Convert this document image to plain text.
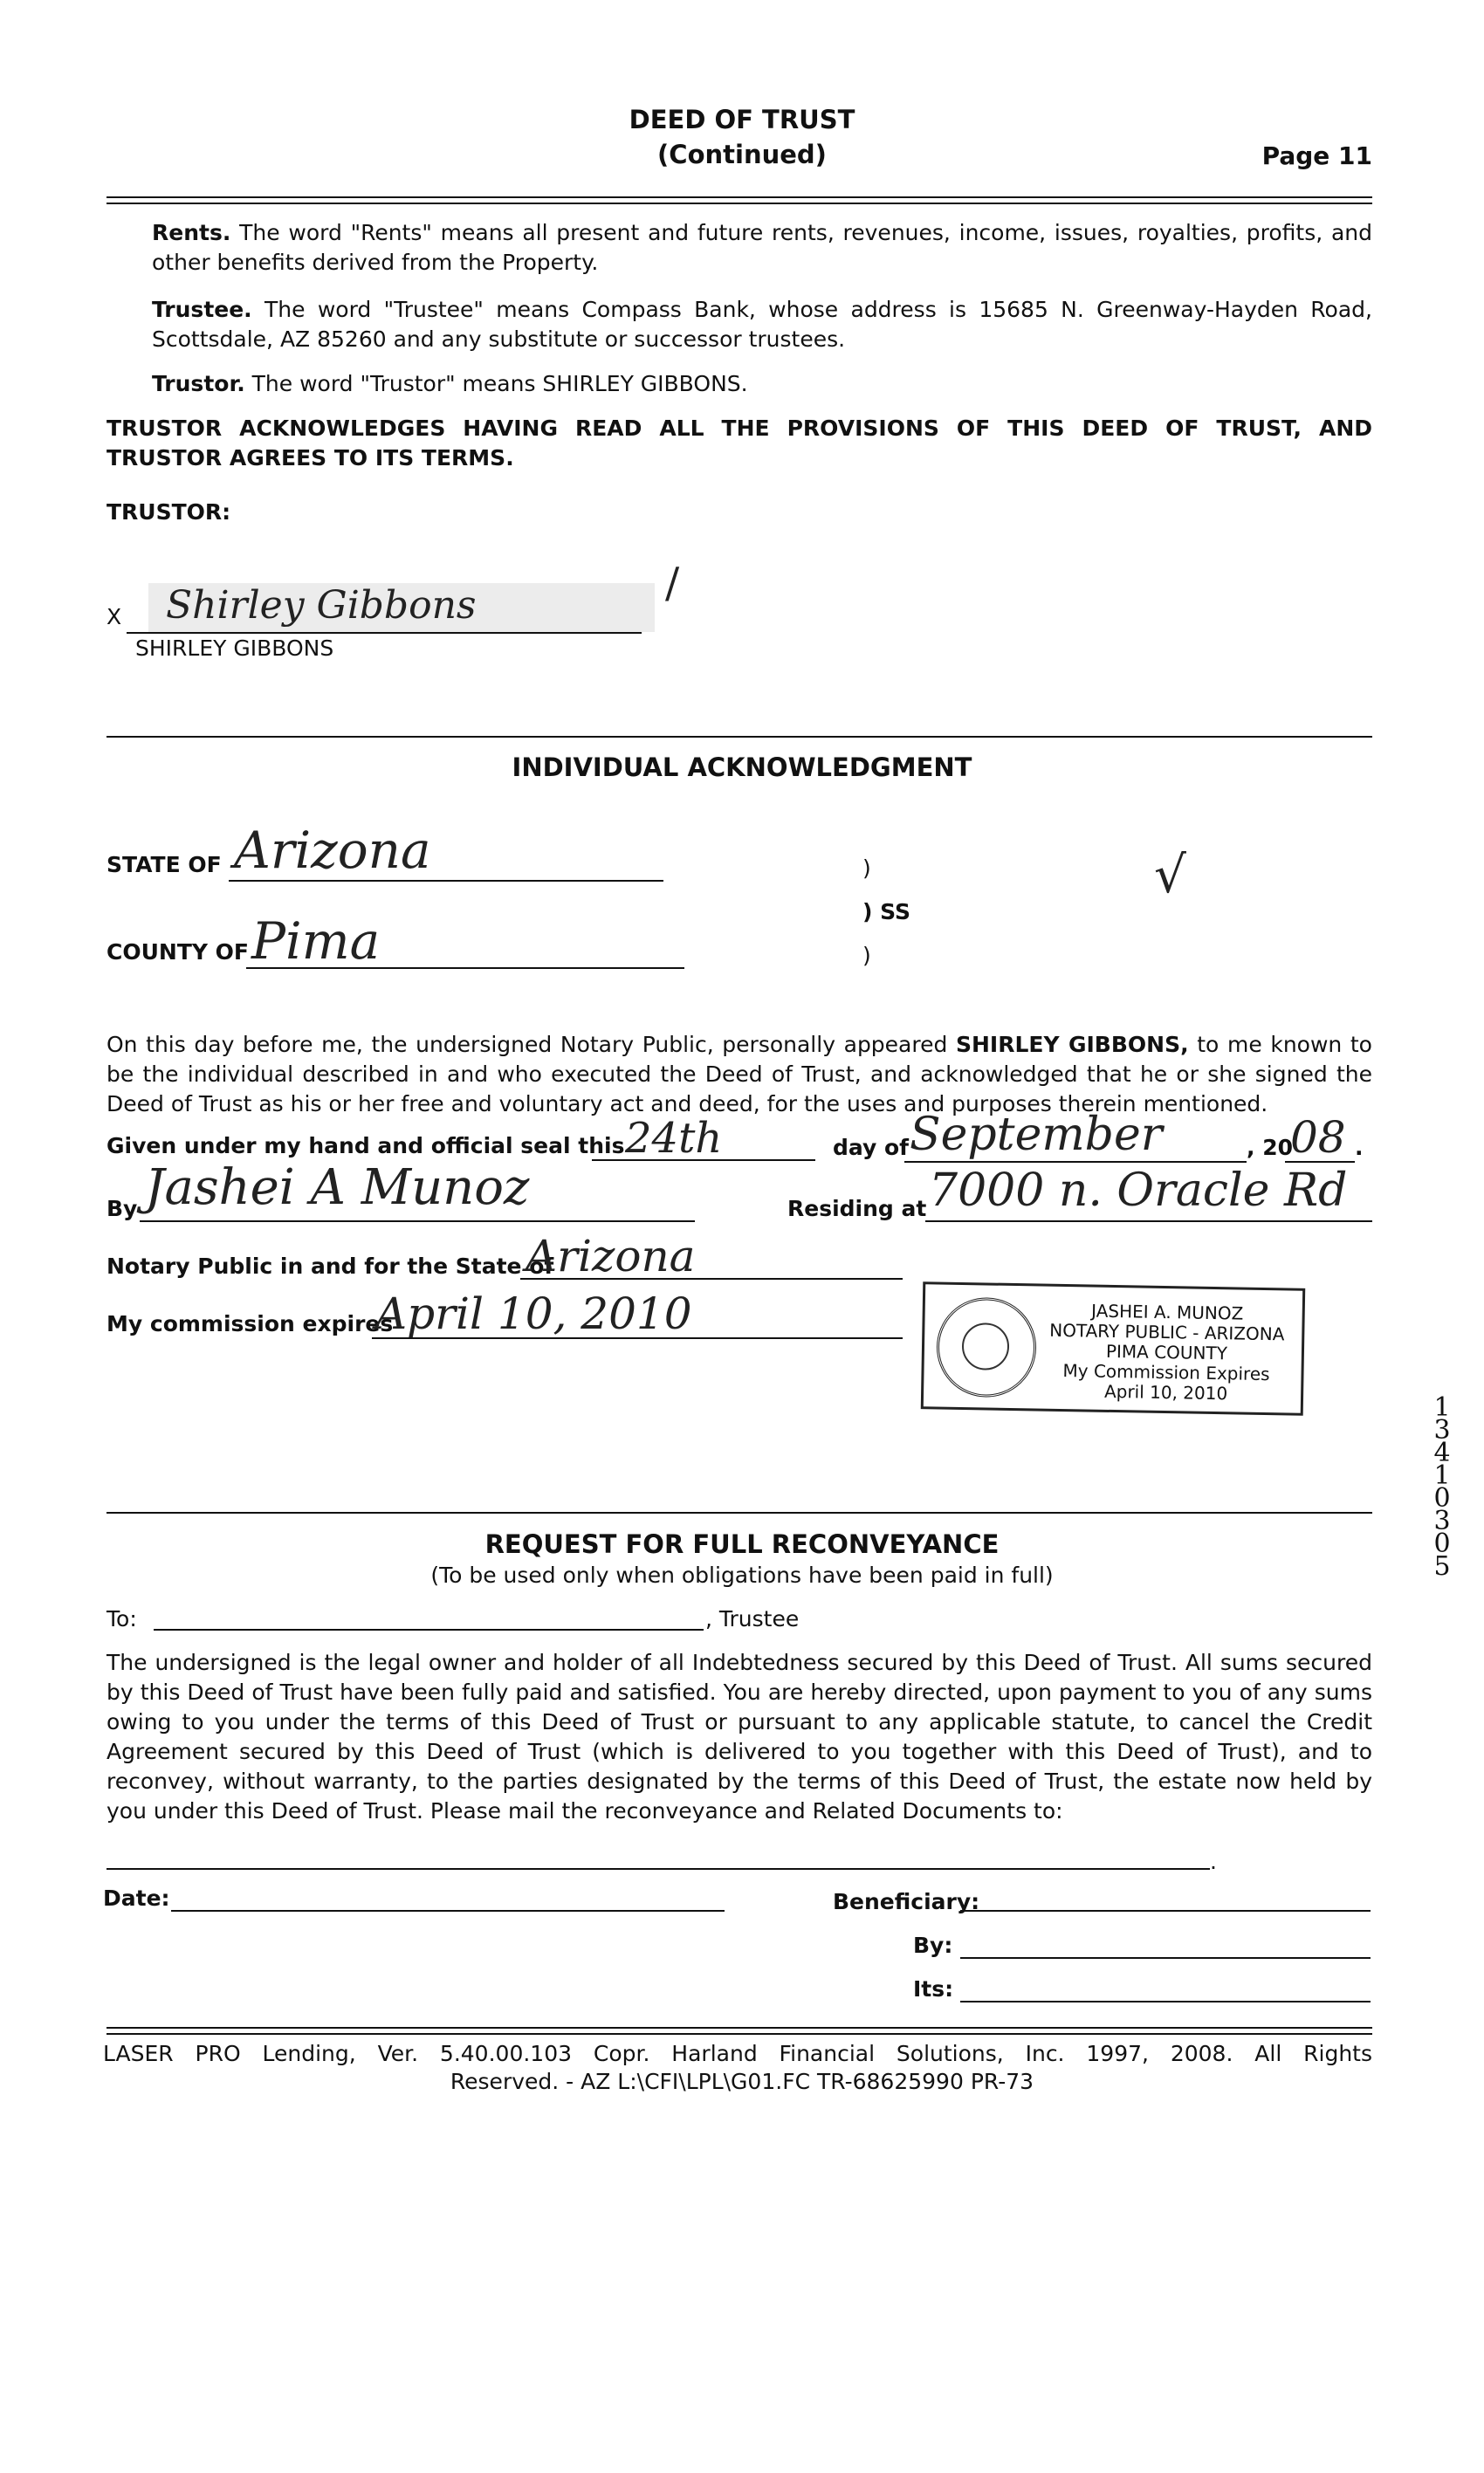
DEED OF TRUST
(Continued)	Page 11
Rents. The word "Rents" means all present and future rents, revenues, income, issues, royalties, profits, and other benefits derived from the Property.
Trustee. The word "Trustee" means Compass Bank, whose address is 15685 N. Greenway-Hayden Road, Scottsdale, AZ 85260 and any substitute or successor trustees.
Trustor. The word "Trustor" means SHIRLEY GIBBONS.
TRUSTOR ACKNOWLEDGES HAVING READ ALL THE PROVISIONS OF THIS DEED OF TRUST, AND TRUSTOR AGREES TO ITS TERMS.
TRUSTOR:
X	Shirley Gibbons
SHIRLEY GIBBONS
/
INDIVIDUAL ACKNOWLEDGMENT
STATE OF Arizona	)
) SS
)
√
COUNTY OF Pima
On this day before me, the undersigned Notary Public, personally appeared SHIRLEY GIBBONS, to me known to be the individual described in and who executed the Deed of Trust, and acknowledged that he or she signed the Deed of Trust as his or her free and voluntary act and deed, for the uses and purposes therein mentioned.
Given under my hand and official seal this 24th	day of September	, 20
08 .
By Jashei A Munoz	Residing at 7000 n. Oracle Rd
Notary Public in and for the State of
Arizona
My commission expires
April 10, 2010	JASHEI A. MUNOZ
NOTARY PUBLIC - ARIZONA
PIMA COUNTY
My Commission Expires
April 10, 2010
REQUEST FOR FULL RECONVEYANCE
(To be used only when obligations have been paid in full)
To:	, Trustee
The undersigned is the legal owner and holder of all Indebtedness secured by this Deed of Trust. All sums secured by this Deed of Trust have been fully paid and satisfied. You are hereby directed, upon payment to you of any sums owing to you under the terms of this Deed of Trust or pursuant to any applicable statute, to cancel the Credit Agreement secured by this Deed of Trust (which is delivered to you together with this Deed of Trust), and to reconvey, without warranty, to the parties designated by the terms of this Deed of Trust, the estate now held by you under this Deed of Trust. Please mail the reconveyance and Related Documents to:
.
Date:	Beneficiary:
By:
Its:
LASER PRO Lending, Ver. 5.40.00.103 Copr. Harland Financial Solutions, Inc. 1997, 2008. All Rights
Reserved. - AZ L:\CFI\LPL\G01.FC TR-68625990 PR-73
1341 0305
